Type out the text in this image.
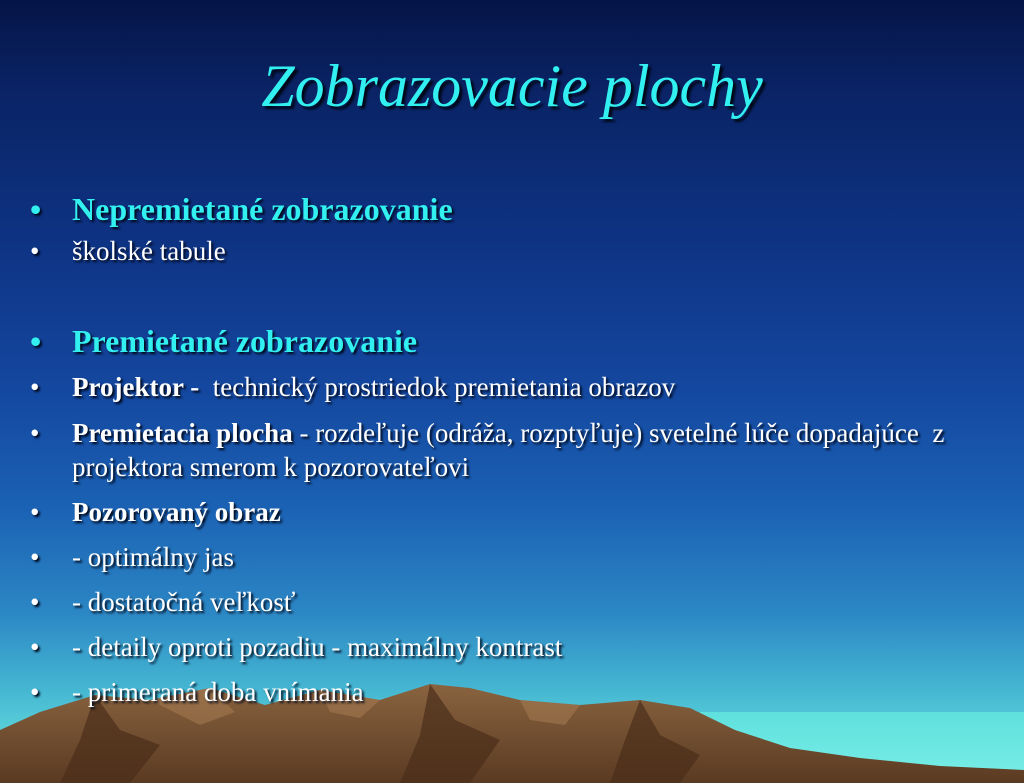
Zobrazovacie plochy
• Nepremietané zobrazovanie
• školské tabule
• Premietané zobrazovanie
• Projektor -  technický prostriedok premietania obrazov
• Premietacia plocha - rozdeľuje (odráža, rozptyľuje) svetelné lúče dopadajúce  z projektora smerom k pozorovateľovi
• Pozorovaný obraz
• - optimálny jas
• - dostatočná veľkosť
• - detaily oproti pozadiu - maximálny kontrast
• - primeraná doba vnímania
